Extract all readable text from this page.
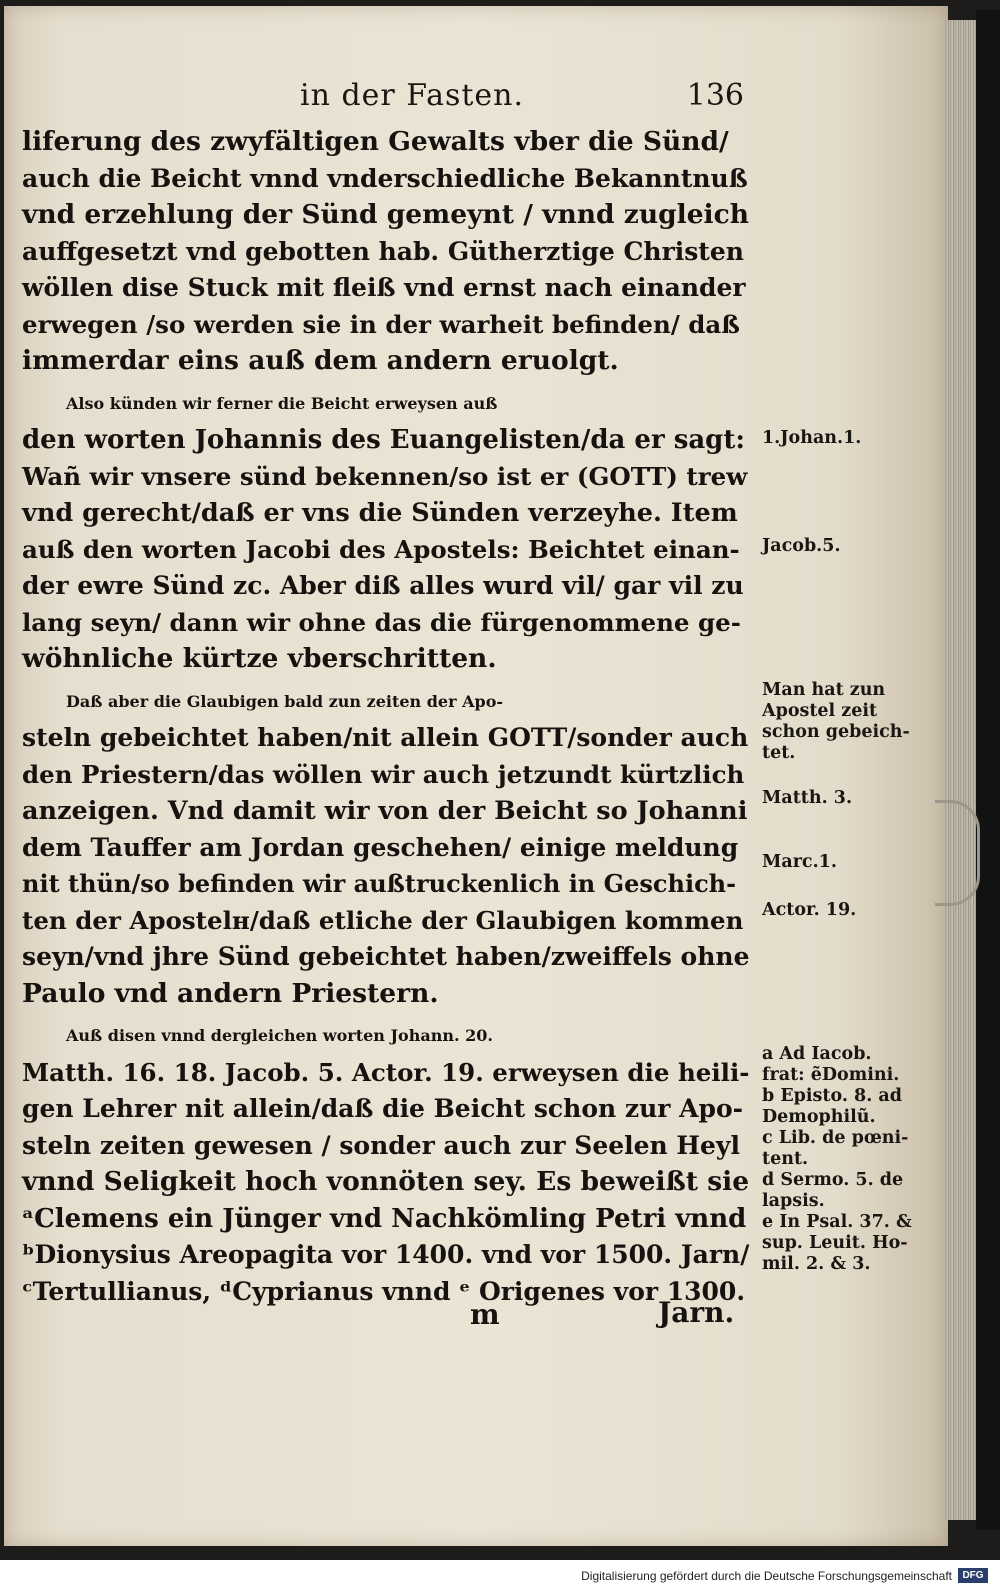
in der Fasten.	136
liferung des zwyfältigen Gewalts vber die Sünd/
auch die Beicht vnnd vnderschiedliche Bekanntnuß
vnd erzehlung der Sünd gemeynt / vnnd zugleich
auffgesetzt vnd gebotten hab. Gütherztige Christen
wöllen dise Stuck mit fleiß vnd ernst nach einander
erwegen /so werden sie in der warheit befinden/ daß
immerdar eins auß dem andern eruolgt.
Also künden wir ferner die Beicht erweysen auß
den worten Johannis des Euangelisten/da er sagt:
Wañ wir vnsere sünd bekennen/so ist er (GOTT) trew
vnd gerecht/daß er vns die Sünden verzeyhe. Item
auß den worten Jacobi des Apostels: Beichtet einan-
der ewre Sünd zc. Aber diß alles wurd vil/ gar vil zu
lang seyn/ dann wir ohne das die fürgenommene ge-
wöhnliche kürtze vberschritten.
Daß aber die Glaubigen bald zun zeiten der Apo-
steln gebeichtet haben/nit allein GOTT/sonder auch
den Priestern/das wöllen wir auch jetzundt kürtzlich
anzeigen. Vnd damit wir von der Beicht so Johanni
dem Tauffer am Jordan geschehen/ einige meldung
nit thün/so befinden wir außtruckenlich in Geschich-
ten der Apostelн/daß etliche der Glaubigen kommen
seyn/vnd jhre Sünd gebeichtet haben/zweiffels ohne
Paulo vnd andern Priestern.
Auß disen vnnd dergleichen worten Johann. 20.
Matth. 16. 18. Jacob. 5. Actor. 19. erweysen die heili-
gen Lehrer nit allein/daß die Beicht schon zur Apo-
steln zeiten gewesen / sonder auch zur Seelen Heyl
vnnd Seligkeit hoch vonnöten sey. Es beweißt sie
ᵃClemens ein Jünger vnd Nachkömling Petri vnnd
ᵇDionysius Areopagita vor 1400. vnd vor 1500. Jarn/
ᶜTertullianus, ᵈCyprianus vnnd ᵉ Origenes vor 1300.
1.Johan.1.
Jacob.5.
Man hat zun
Apostel zeit
schon gebeich-
tet.
Matth. 3.
Marc.1.
Actor. 19.
a Ad Iacob.
frat: ẽDomini.
b Episto. 8. ad
Demophilũ.
c Lib. de pœni-
tent.
d Sermo. 5. de
lapsis.
e In Psal. 37. &
sup. Leuit. Ho-
mil. 2. & 3.
m	Jarn.
Digitalisierung gefördert durch die Deutsche Forschungsgemeinschaft	DFG
